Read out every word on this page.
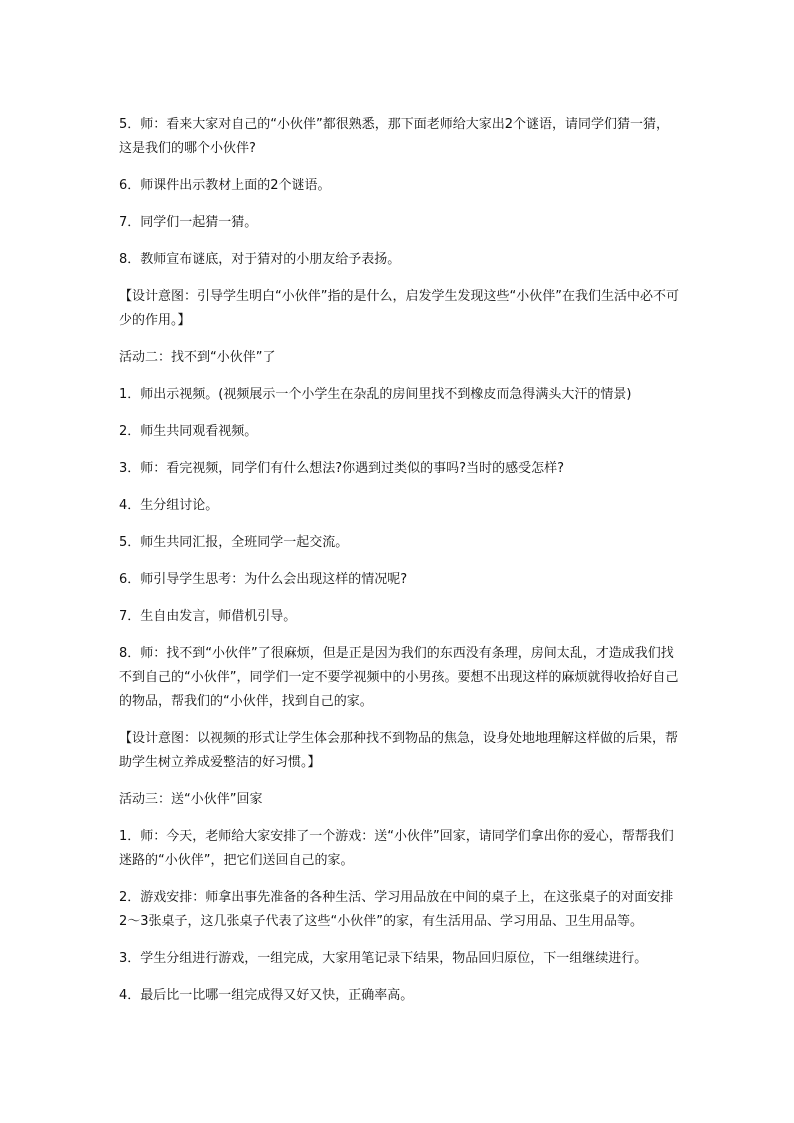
5．师：看来大家对自己的“小伙伴”都很熟悉，那下面老师给大家出2个谜语，请同学们猜一猜，这是我们的哪个小伙伴?

6．师课件出示教材上面的2个谜语。

7．同学们一起猜一猜。

8．教师宣布谜底，对于猜对的小朋友给予表扬。

【设计意图：引导学生明白“小伙伴”指的是什么，启发学生发现这些“小伙伴”在我们生活中必不可少的作用。】

活动二：找不到“小伙伴”了

1．师出示视频。(视频展示一个小学生在杂乱的房间里找不到橡皮而急得满头大汗的情景)

2．师生共同观看视频。

3．师：看完视频，同学们有什么想法?你遇到过类似的事吗?当时的感受怎样?

4．生分组讨论。

5．师生共同汇报，全班同学一起交流。

6．师引导学生思考：为什么会出现这样的情况呢?

7．生自由发言，师借机引导。

8．师：找不到“小伙伴”了很麻烦，但是正是因为我们的东西没有条理，房间太乱，才造成我们找不到自己的“小伙伴”，同学们一定不要学视频中的小男孩。要想不出现这样的麻烦就得收拾好自己的物品，帮我们的“小伙伴，找到自己的家。

【设计意图：以视频的形式让学生体会那种找不到物品的焦急，设身处地地理解这样做的后果，帮助学生树立养成爱整洁的好习惯。】

活动三：送“小伙伴”回家

1．师：今天，老师给大家安排了一个游戏：送“小伙伴”回家，请同学们拿出你的爱心，帮帮我们迷路的“小伙伴”，把它们送回自己的家。

2．游戏安排：师拿出事先准备的各种生活、学习用品放在中间的桌子上，在这张桌子的对面安排2～3张桌子，这几张桌子代表了这些“小伙伴”的家，有生活用品、学习用品、卫生用品等。

3．学生分组进行游戏，一组完成，大家用笔记录下结果，物品回归原位，下一组继续进行。

4．最后比一比哪一组完成得又好又快，正确率高。
